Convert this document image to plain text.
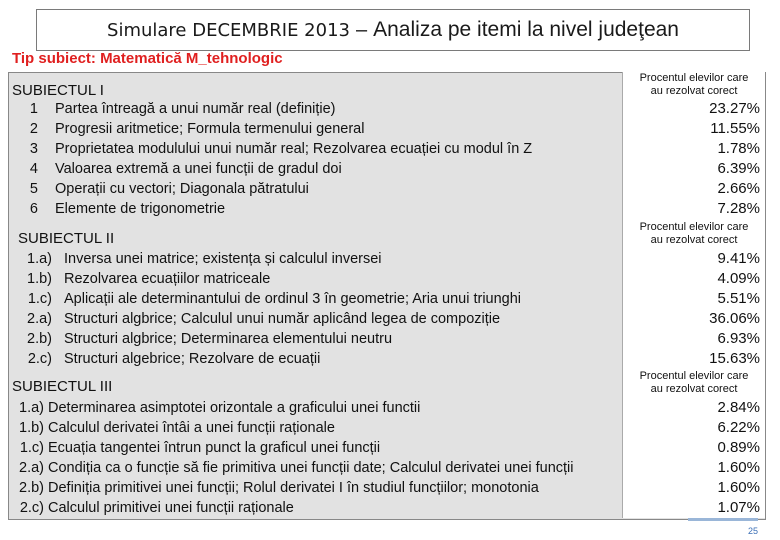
Simulare DECEMBRIE 2013 – Analiza pe itemi la nivel judeţean
Tip subiect: Matematică M_tehnologic
Procentul elevilor care
au rezolvat corect
SUBIECTUL I
1 Partea întreagă a unui număr real (definiție)	23.27%
2 Progresii aritmetice; Formula termenului general	11.55%
3 Proprietatea modulului unui număr real; Rezolvarea ecuației cu modul în Z	1.78%
4 Valoarea extremă a unei funcții de gradul doi	6.39%
5 Operații cu vectori; Diagonala pătratului	2.66%
6 Elemente de trigonometrie	7.28%
Procentul elevilor care
au rezolvat corect
SUBIECTUL II
1.a) Inversa unei matrice; existența și calculul inversei	9.41%
1.b) Rezolvarea ecuațiilor matriceale	4.09%
1.c) Aplicații ale determinantului de ordinul 3 în geometrie; Aria unui triunghi	5.51%
2.a) Structuri algbrice; Calculul unui număr aplicând legea de compoziție	36.06%
2.b) Structuri algbrice; Determinarea elementului neutru	6.93%
2.c) Structuri algebrice; Rezolvare de ecuații	15.63%
Procentul elevilor care
au rezolvat corect
SUBIECTUL III
1.a) Determinarea asimptotei orizontale a graficului unei functii	2.84%
1.b) Calculul derivatei întâi a unei funcții raționale	6.22%
1.c) Ecuația tangentei întrun punct la graficul unei funcții	0.89%
2.a) Condiția ca o funcție să fie primitiva unei funcții date; Calculul derivatei unei funcții	1.60%
2.b) Definiția primitivei unei funcții; Rolul derivatei I în studiul funcțiilor; monotonia	1.60%
2.c) Calculul primitivei unei funcții raționale	1.07%
25
